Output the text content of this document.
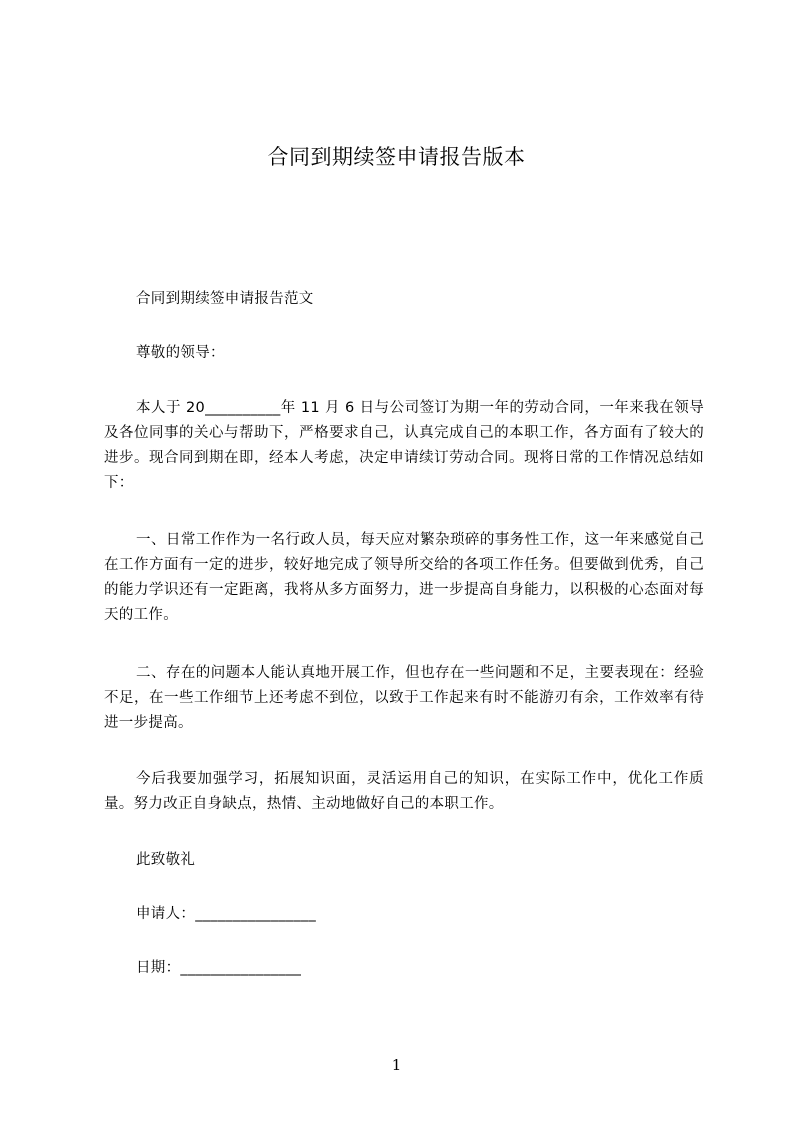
合同到期续签申请报告版本
合同到期续签申请报告范文
尊敬的领导：
本人于 20__________年 11 月 6 日与公司签订为期一年的劳动合同，一年来我在领导及各位同事的关心与帮助下，严格要求自己，认真完成自己的本职工作，各方面有了较大的进步。现合同到期在即，经本人考虑，决定申请续订劳动合同。现将日常的工作情况总结如下：
一、日常工作作为一名行政人员，每天应对繁杂琐碎的事务性工作，这一年来感觉自己在工作方面有一定的进步，较好地完成了领导所交给的各项工作任务。但要做到优秀，自己的能力学识还有一定距离，我将从多方面努力，进一步提高自身能力，以积极的心态面对每天的工作。
二、存在的问题本人能认真地开展工作，但也存在一些问题和不足，主要表现在：经验不足，在一些工作细节上还考虑不到位，以致于工作起来有时不能游刃有余，工作效率有待进一步提高。
今后我要加强学习，拓展知识面，灵活运用自己的知识，在实际工作中，优化工作质量。努力改正自身缺点，热情、主动地做好自己的本职工作。
此致敬礼
申请人：________________
日期：________________
1
